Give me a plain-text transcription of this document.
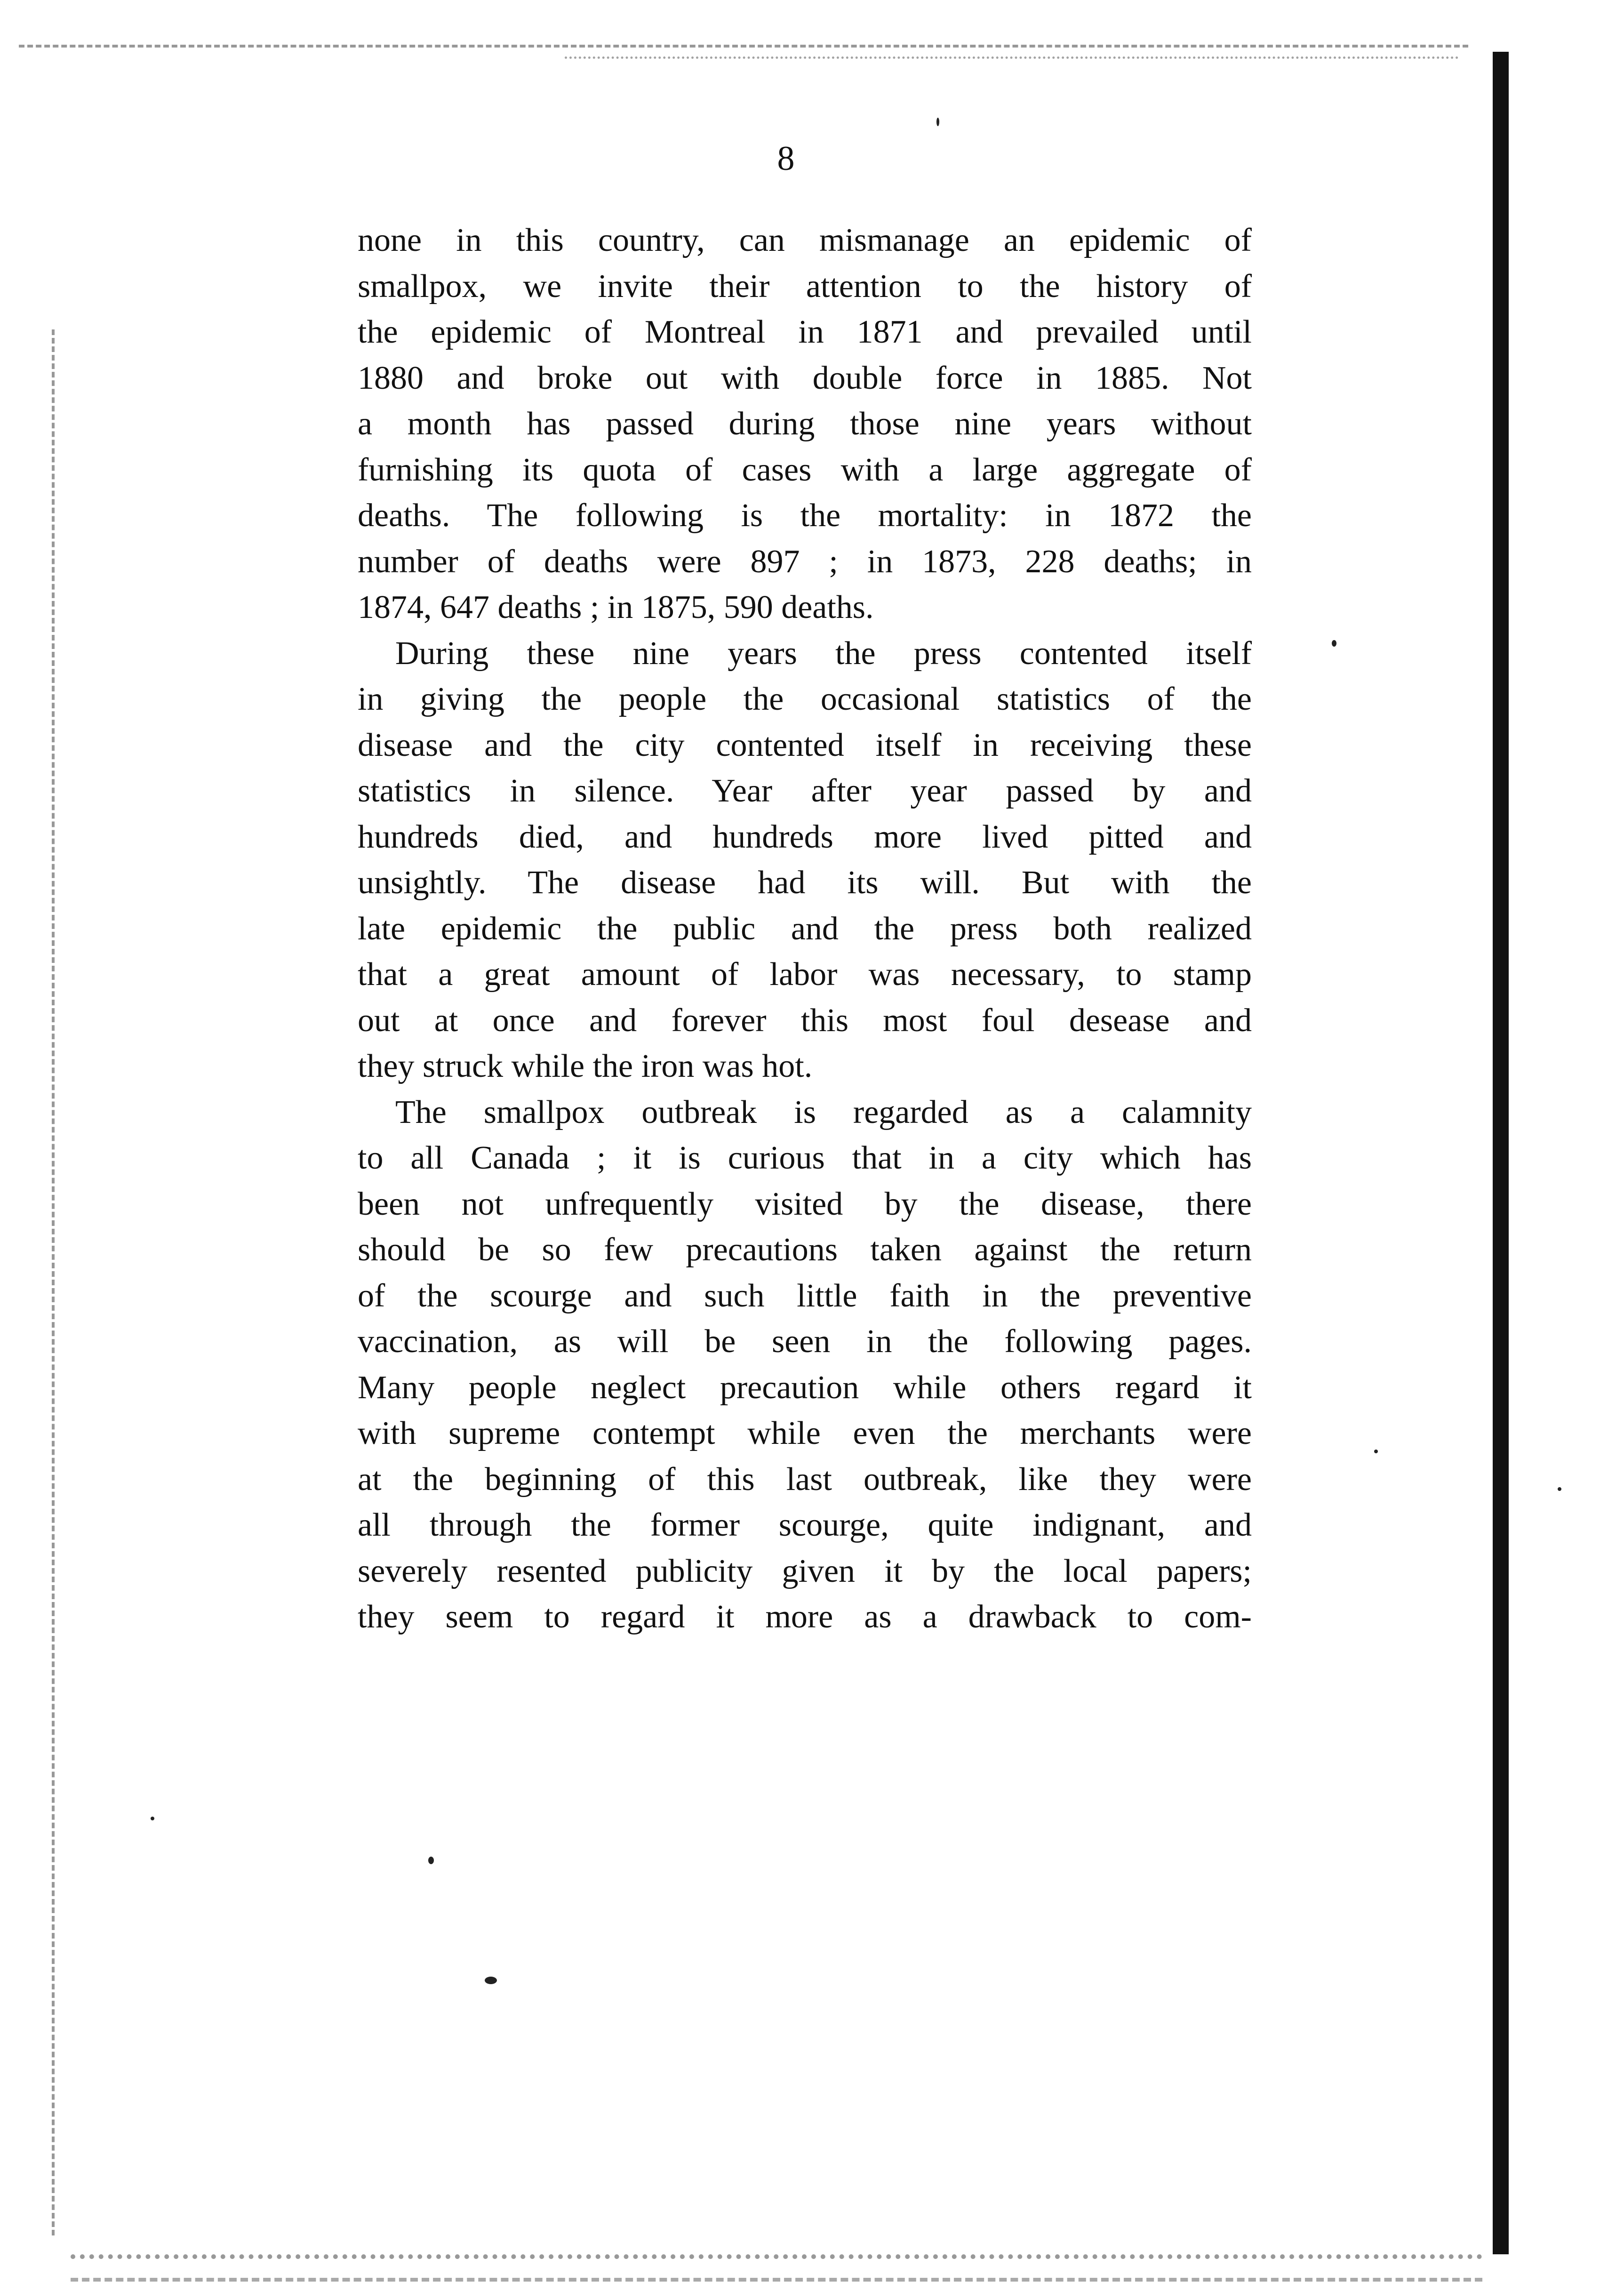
8
none in this country, can mismanage an epidemic of
smallpox, we invite their attention to the history of
the epidemic of Montreal in 1871 and prevailed until
1880 and broke out with double force in 1885. Not
a month has passed during those nine years without
furnishing its quota of cases with a large aggregate of
deaths. The following is the mortality: in 1872 the
number of deaths were 897 ; in 1873, 228 deaths; in
1874, 647 deaths ; in 1875, 590 deaths.
During these nine years the press contented itself
in giving the people the occasional statistics of the
disease and the city contented itself in receiving these
statistics in silence. Year after year passed by and
hundreds died, and hundreds more lived pitted and
unsightly. The disease had its will. But with the
late epidemic the public and the press both realized
that a great amount of labor was necessary, to stamp
out at once and forever this most foul desease and
they struck while the iron was hot.
The smallpox outbreak is regarded as a calamnity
to all Canada ; it is curious that in a city which has
been not unfrequently visited by the disease, there
should be so few precautions taken against the return
of the scourge and such little faith in the preventive
vaccination, as will be seen in the following pages.
Many people neglect precaution while others regard it
with supreme contempt while even the merchants were
at the beginning of this last outbreak, like they were
all through the former scourge, quite indignant, and
severely resented publicity given it by the local papers;
they seem to regard it more as a drawback to com-
